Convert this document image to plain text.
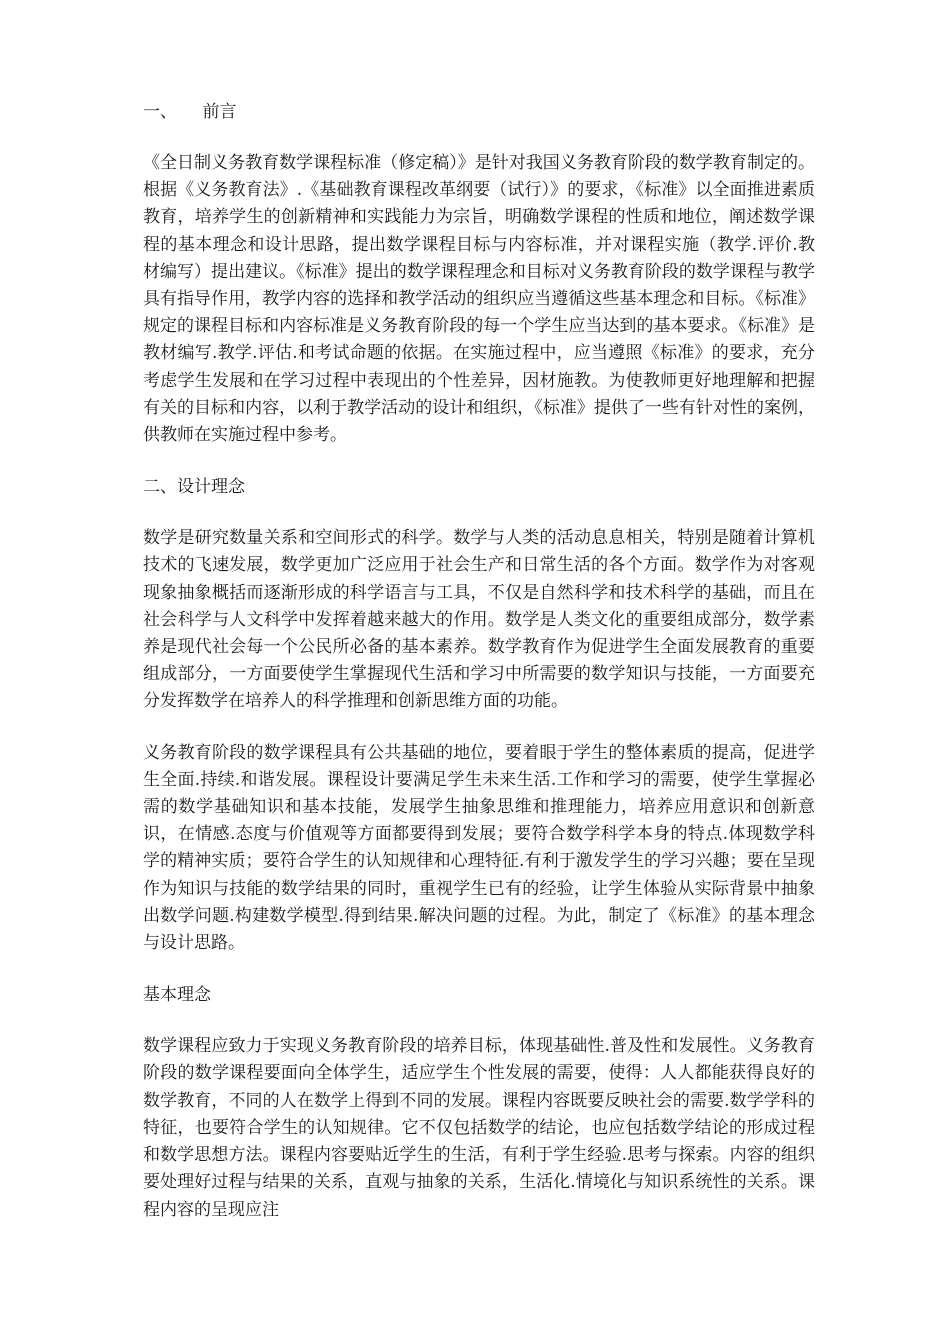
一、　　前言

《全日制义务教育数学课程标准（修定稿）》是针对我国义务教育阶段的数学教育制定的。根据《义务教育法》.《基础教育课程改革纲要（试行）》的要求，《标准》以全面推进素质教育，培养学生的创新精神和实践能力为宗旨，明确数学课程的性质和地位，阐述数学课程的基本理念和设计思路，提出数学课程目标与内容标准，并对课程实施（教学.评价.教材编写）提出建议。《标准》提出的数学课程理念和目标对义务教育阶段的数学课程与教学具有指导作用，教学内容的选择和教学活动的组织应当遵循这些基本理念和目标。《标准》规定的课程目标和内容标准是义务教育阶段的每一个学生应当达到的基本要求。《标准》是教材编写.教学.评估.和考试命题的依据。在实施过程中，应当遵照《标准》的要求，充分考虑学生发展和在学习过程中表现出的个性差异，因材施教。为使教师更好地理解和把握有关的目标和内容，以利于教学活动的设计和组织，《标准》提供了一些有针对性的案例，供教师在实施过程中参考。

二、设计理念

数学是研究数量关系和空间形式的科学。数学与人类的活动息息相关，特别是随着计算机技术的飞速发展，数学更加广泛应用于社会生产和日常生活的各个方面。数学作为对客观现象抽象概括而逐渐形成的科学语言与工具，不仅是自然科学和技术科学的基础，而且在社会科学与人文科学中发挥着越来越大的作用。数学是人类文化的重要组成部分，数学素养是现代社会每一个公民所必备的基本素养。数学教育作为促进学生全面发展教育的重要组成部分，一方面要使学生掌握现代生活和学习中所需要的数学知识与技能，一方面要充分发挥数学在培养人的科学推理和创新思维方面的功能。

义务教育阶段的数学课程具有公共基础的地位，要着眼于学生的整体素质的提高，促进学生全面.持续.和谐发展。课程设计要满足学生未来生活.工作和学习的需要，使学生掌握必需的数学基础知识和基本技能，发展学生抽象思维和推理能力，培养应用意识和创新意识，在情感.态度与价值观等方面都要得到发展；要符合数学科学本身的特点.体现数学科学的精神实质；要符合学生的认知规律和心理特征.有利于激发学生的学习兴趣；要在呈现作为知识与技能的数学结果的同时，重视学生已有的经验，让学生体验从实际背景中抽象出数学问题.构建数学模型.得到结果.解决问题的过程。为此，制定了《标准》的基本理念与设计思路。

基本理念

数学课程应致力于实现义务教育阶段的培养目标，体现基础性.普及性和发展性。义务教育阶段的数学课程要面向全体学生，适应学生个性发展的需要，使得：人人都能获得良好的数学教育，不同的人在数学上得到不同的发展。课程内容既要反映社会的需要.数学学科的特征，也要符合学生的认知规律。它不仅包括数学的结论，也应包括数学结论的形成过程和数学思想方法。课程内容要贴近学生的生活，有利于学生经验.思考与探索。内容的组织要处理好过程与结果的关系，直观与抽象的关系，生活化.情境化与知识系统性的关系。课程内容的呈现应注
